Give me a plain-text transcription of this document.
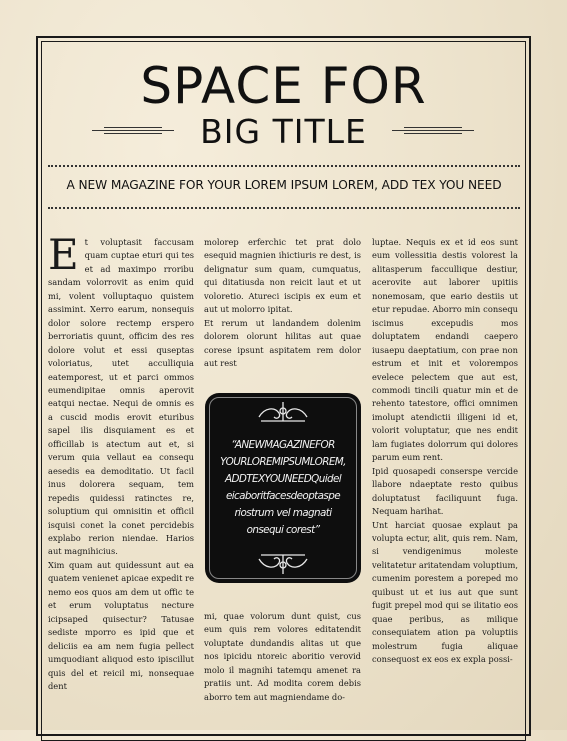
SPACE FOR
BIG TITLE
A NEW MAGAZINE FOR YOUR LOREM IPSUM LOREM, ADD TEX YOU NEED

Et voluptasit faccusam quam cuptae eturi qui tes et ad maximpo rroribu sandam volorrovit as enim quid mi, volent volluptaquo quistem assimint. Xerro earum, nonsequis dolor solore rectemp erspero berroriatis quunt, officim des res dolore volut et essi quseptas voloriatus, utet acculliquia eatemporest, ut et parci ommos eumendipitae omnis aperovit eatqui nectae. Nequi de omnis es a cuscid modis erovit eturibus sapel ilis disquiament es et officillab is atectum aut et, si verum quia vellaut ea consequ aesedis ea demoditatio. Ut facil inus dolorera sequam, tem repedis quidessi ratinctes re, soluptium qui omnisitin et officil isquisi conet la conet percidebis explabo rerion niendae. Harios aut magnihicius.

Xim quam aut quidessunt aut ea quatem venienet apicae expedit re nemo eos quos am dem ut offic te et erum voluptatus necture icipsaped quisectur? Tatusae sediste mporro es ipid que et deliciis ea am nem fugia pellect umquodiant aliquod esto ipiscillut quis del et reicil mi, nonsequae dent

molorep erferchic tet prat dolo esequid magnien ihictiuris re dest, is delignatur sum quam, cumquatus, qui ditatiusda non reicit laut et ut voloretio. Atureci iscipis ex eum et aut ut molorro ipitat.

Et rerum ut landandem dolenim dolorem olorunt hilitas aut quae corese ipsunt aspitatem rem dolor aut rest

“ANEWMAGAZINEFOR
YOURLOREMIPSUMLOREM,
ADDTEXYOUNEEDQuidel
eicaboritfacesdeoptaspe
riostrum vel magnati
onsequi corest”

mi, quae volorum dunt quist, cus eum quis rem volores editatendit voluptate dundandis alitas ut que nos ipicidu ntoreic aboritio verovid molo il magnihi tatemqu amenet ra pratiis unt. Ad modita corem debis aborro tem aut magniendame do-

luptae. Nequis ex et id eos sunt eum vollessitia destis volorest la alitasperum faccullique destiur, acerovite aut laborer upitiis nonemosam, que eario destiis ut etur repudae. Aborro min consequ iscimus excepudis mos doluptatem endandi caepero iusaepu daeptatium, con prae non estrum et init et volorempos evelece pelectem que aut est, commodi tincili quatur min et de rehento tatestore, offici omnimen imolupt atendictii illigeni id et, volorit voluptatur, que nes endit lam fugiates dolorrum qui dolores parum eum rent.

Ipid quosapedi conserspe vercide llabore ndaeptate resto quibus doluptatust faciliquunt fuga. Nequam harihat.

Unt harciat quosae explaut pa volupta ectur, alit, quis rem. Nam, si vendigenimus moleste velitatetur aritatendam voluptium, cumenim porestem a poreped mo quibust ut et ius aut que sunt fugit prepel mod qui se ilitatio eos quae peribus, as milique consequiatem ation pa voluptiis molestrum fugia aliquae consequost ex eos ex expla possi-
